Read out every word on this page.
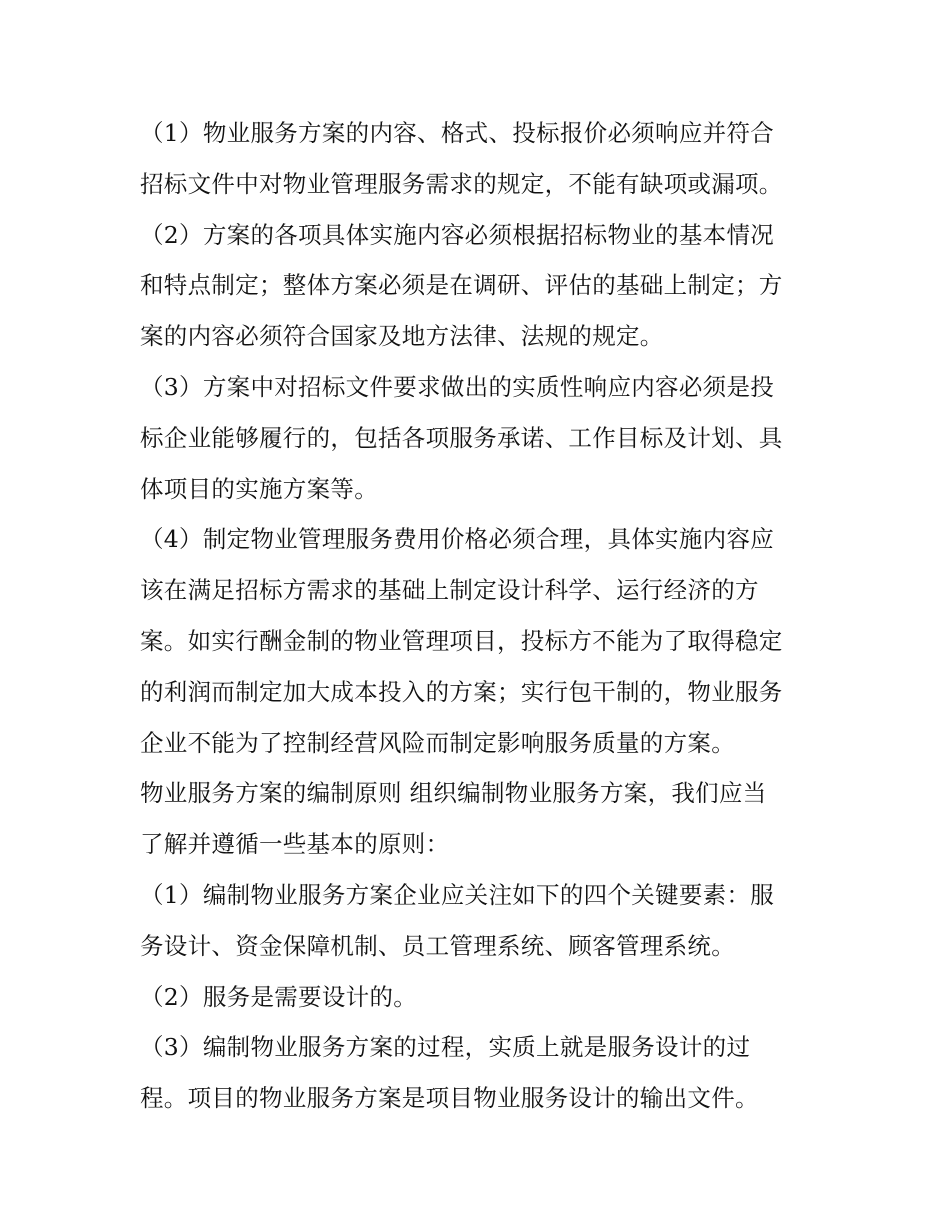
（1）物业服务方案的内容、格式、投标报价必须响应并符合
招标文件中对物业管理服务需求的规定，不能有缺项或漏项。
（2）方案的各项具体实施内容必须根据招标物业的基本情况
和特点制定；整体方案必须是在调研、评估的基础上制定；方
案的内容必须符合国家及地方法律、法规的规定。
（3）方案中对招标文件要求做出的实质性响应内容必须是投
标企业能够履行的，包括各项服务承诺、工作目标及计划、具
体项目的实施方案等。
（4）制定物业管理服务费用价格必须合理，具体实施内容应
该在满足招标方需求的基础上制定设计科学、运行经济的方
案。如实行酬金制的物业管理项目，投标方不能为了取得稳定
的利润而制定加大成本投入的方案；实行包干制的，物业服务
企业不能为了控制经营风险而制定影响服务质量的方案。
物业服务方案的编制原则 组织编制物业服务方案，我们应当
了解并遵循一些基本的原则：
（1）编制物业服务方案企业应关注如下的四个关键要素：服
务设计、资金保障机制、员工管理系统、顾客管理系统。
（2）服务是需要设计的。
（3）编制物业服务方案的过程，实质上就是服务设计的过
程。项目的物业服务方案是项目物业服务设计的输出文件。
